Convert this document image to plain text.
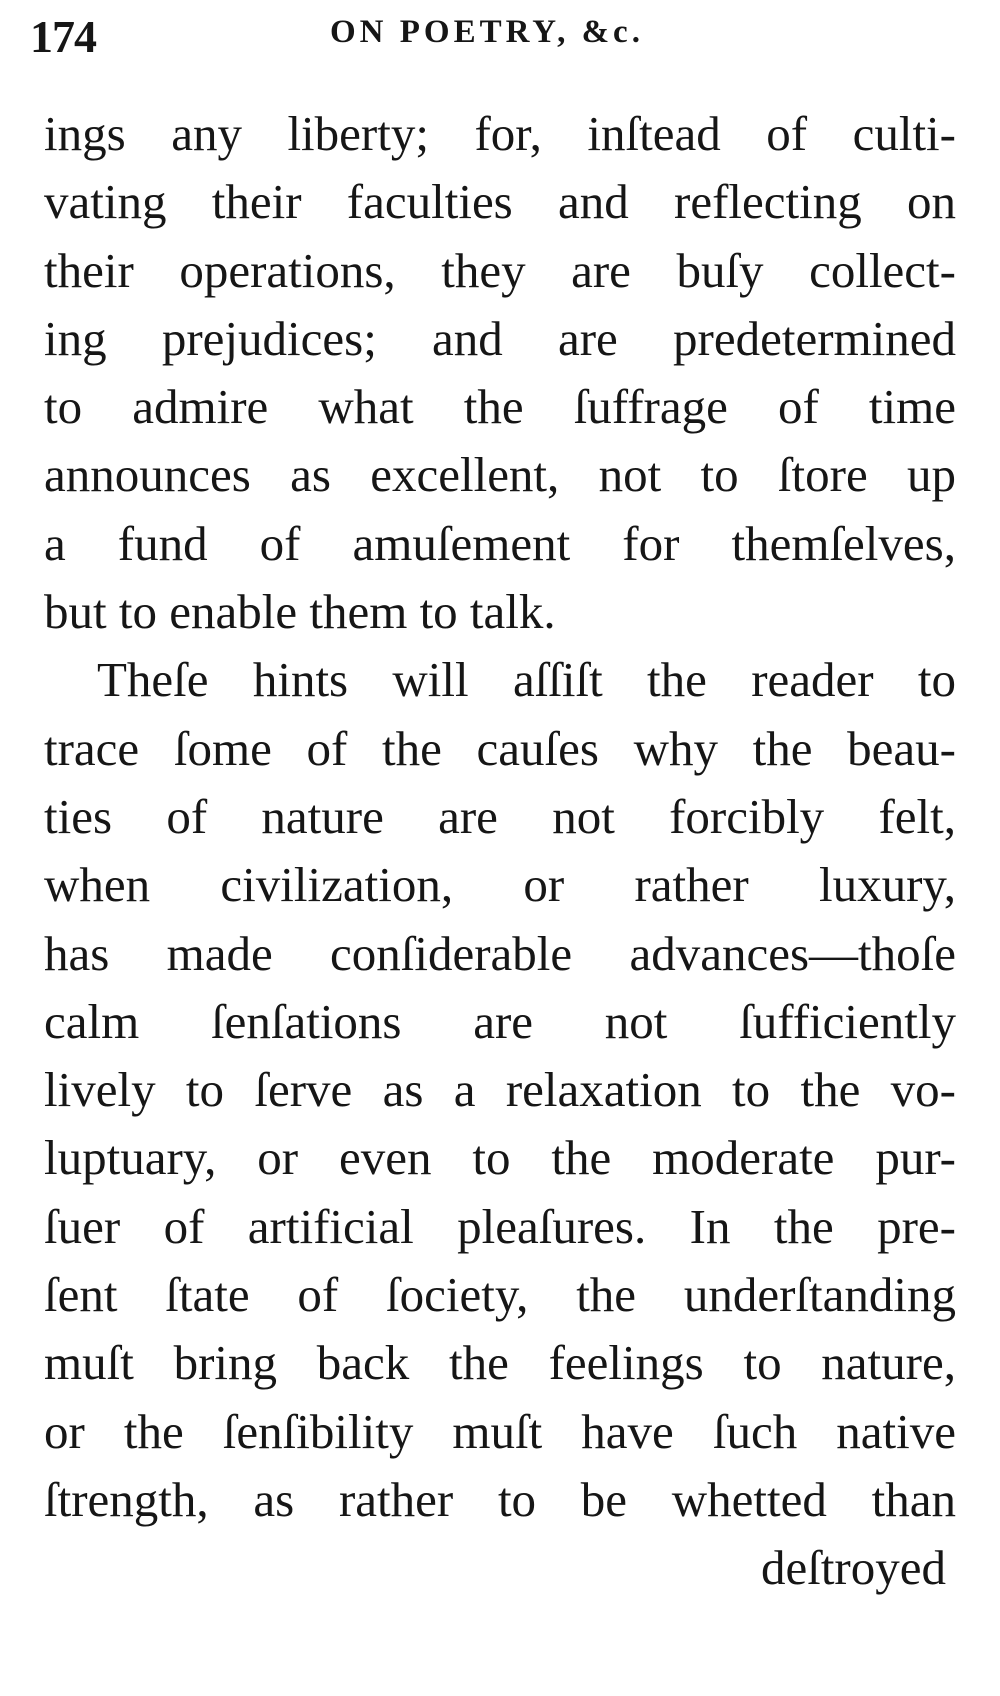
174	ON POETRY, &c.
ings any liberty; for, inſtead of culti-
vating their faculties and reflecting on
their operations, they are buſy collect-
ing prejudices; and are predetermined
to admire what the ſuffrage of time
announces as excellent, not to ſtore up
a fund of amuſement for themſelves,
but to enable them to talk.
Theſe hints will aſſiſt the reader to
trace ſome of the cauſes why the beau-
ties of nature are not forcibly felt,
when civilization, or rather luxury,
has made conſiderable advances—thoſe
calm ſenſations are not ſufficiently
lively to ſerve as a relaxation to the vo-
luptuary, or even to the moderate pur-
ſuer of artificial pleaſures. In the pre-
ſent ſtate of ſociety, the underſtanding
muſt bring back the feelings to nature,
or the ſenſibility muſt have ſuch native
ſtrength, as rather to be whetted than
deſtroyed
